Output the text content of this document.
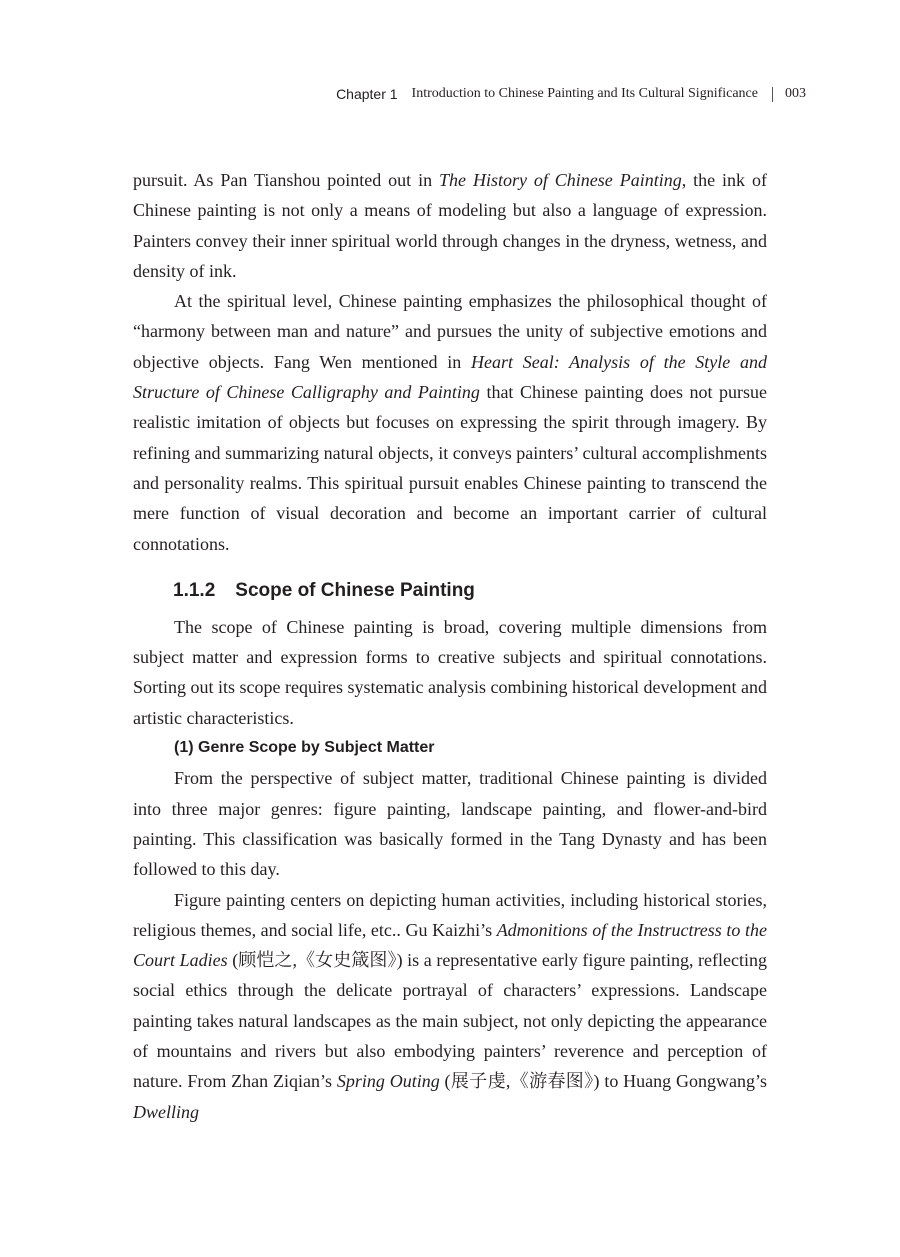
Chapter 1 Introduction to Chinese Painting and Its Cultural Significance 003

pursuit. As Pan Tianshou pointed out in The History of Chinese Painting, the ink of Chinese painting is not only a means of modeling but also a language of expression. Painters convey their inner spiritual world through changes in the dryness, wetness, and density of ink.

At the spiritual level, Chinese painting emphasizes the philosophical thought of “harmony between man and nature” and pursues the unity of subjective emotions and objective objects. Fang Wen mentioned in Heart Seal: Analysis of the Style and Structure of Chinese Calligraphy and Painting that Chinese painting does not pursue realistic imitation of objects but focuses on expressing the spirit through imagery. By refining and summarizing natural objects, it conveys painters’ cultural accomplishments and personality realms. This spiritual pursuit enables Chinese painting to transcend the mere function of visual decoration and become an important carrier of cultural connotations.

1.1.2 Scope of Chinese Painting

The scope of Chinese painting is broad, covering multiple dimensions from subject matter and expression forms to creative subjects and spiritual connotations. Sorting out its scope requires systematic analysis combining historical development and artistic characteristics.

(1) Genre Scope by Subject Matter

From the perspective of subject matter, traditional Chinese painting is divided into three major genres: figure painting, landscape painting, and flower-and-bird painting. This classification was basically formed in the Tang Dynasty and has been followed to this day.

Figure painting centers on depicting human activities, including historical stories, religious themes, and social life, etc.. Gu Kaizhi’s Admonitions of the Instructress to the Court Ladies (顾恺之,《女史箴图》) is a representative early figure painting, reflecting social ethics through the delicate portrayal of characters’ expressions. Landscape painting takes natural landscapes as the main subject, not only depicting the appearance of mountains and rivers but also embodying painters’ reverence and perception of nature. From Zhan Ziqian’s Spring Outing (展子虔,《游春图》) to Huang Gongwang’s Dwelling
